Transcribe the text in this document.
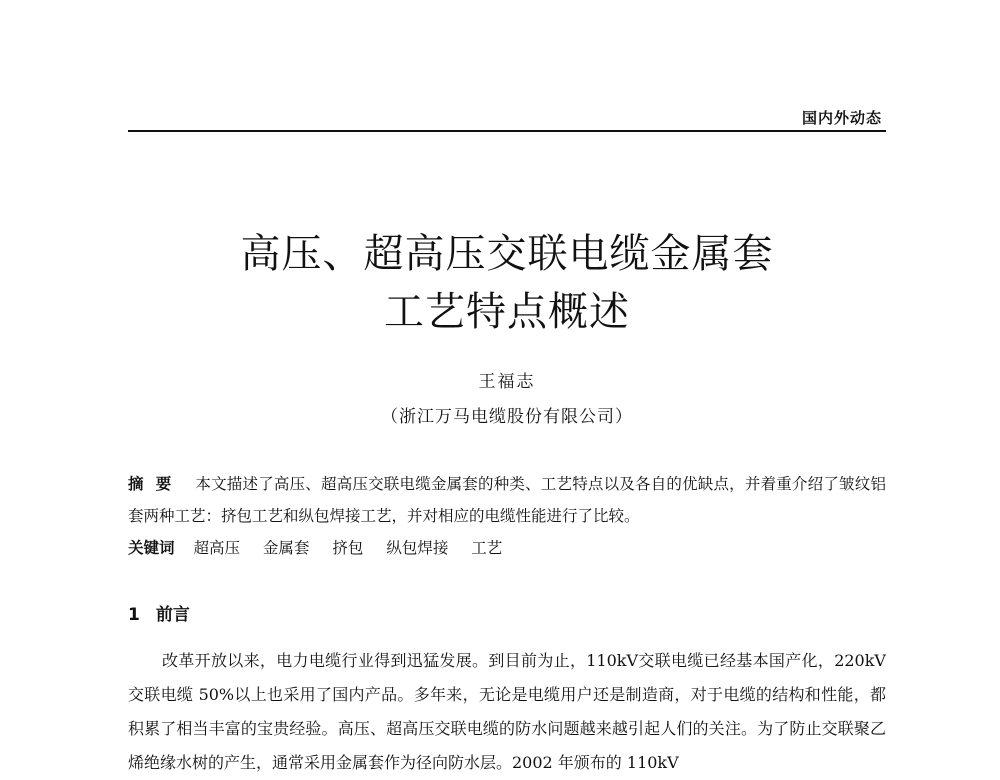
国内外动态
高压、超高压交联电缆金属套
工艺特点概述
王福志
（浙江万马电缆股份有限公司）

摘要 本文描述了高压、超高压交联电缆金属套的种类、工艺特点以及各自的优缺点，并着重介绍了皱纹铝套两种工艺：挤包工艺和纵包焊接工艺，并对相应的电缆性能进行了比较。

关键词 超高压 金属套 挤包 纵包焊接 工艺
1 前言

改革开放以来，电力电缆行业得到迅猛发展。到目前为止，110kV交联电缆已经基本国产化，220kV 交联电缆 50%以上也采用了国内产品。多年来，无论是电缆用户还是制造商，对于电缆的结构和性能，都积累了相当丰富的宝贵经验。高压、超高压交联电缆的防水问题越来越引起人们的关注。为了防止交联聚乙烯绝缘水树的产生，通常采用金属套作为径向防水层。2002 年颁布的 110kV
